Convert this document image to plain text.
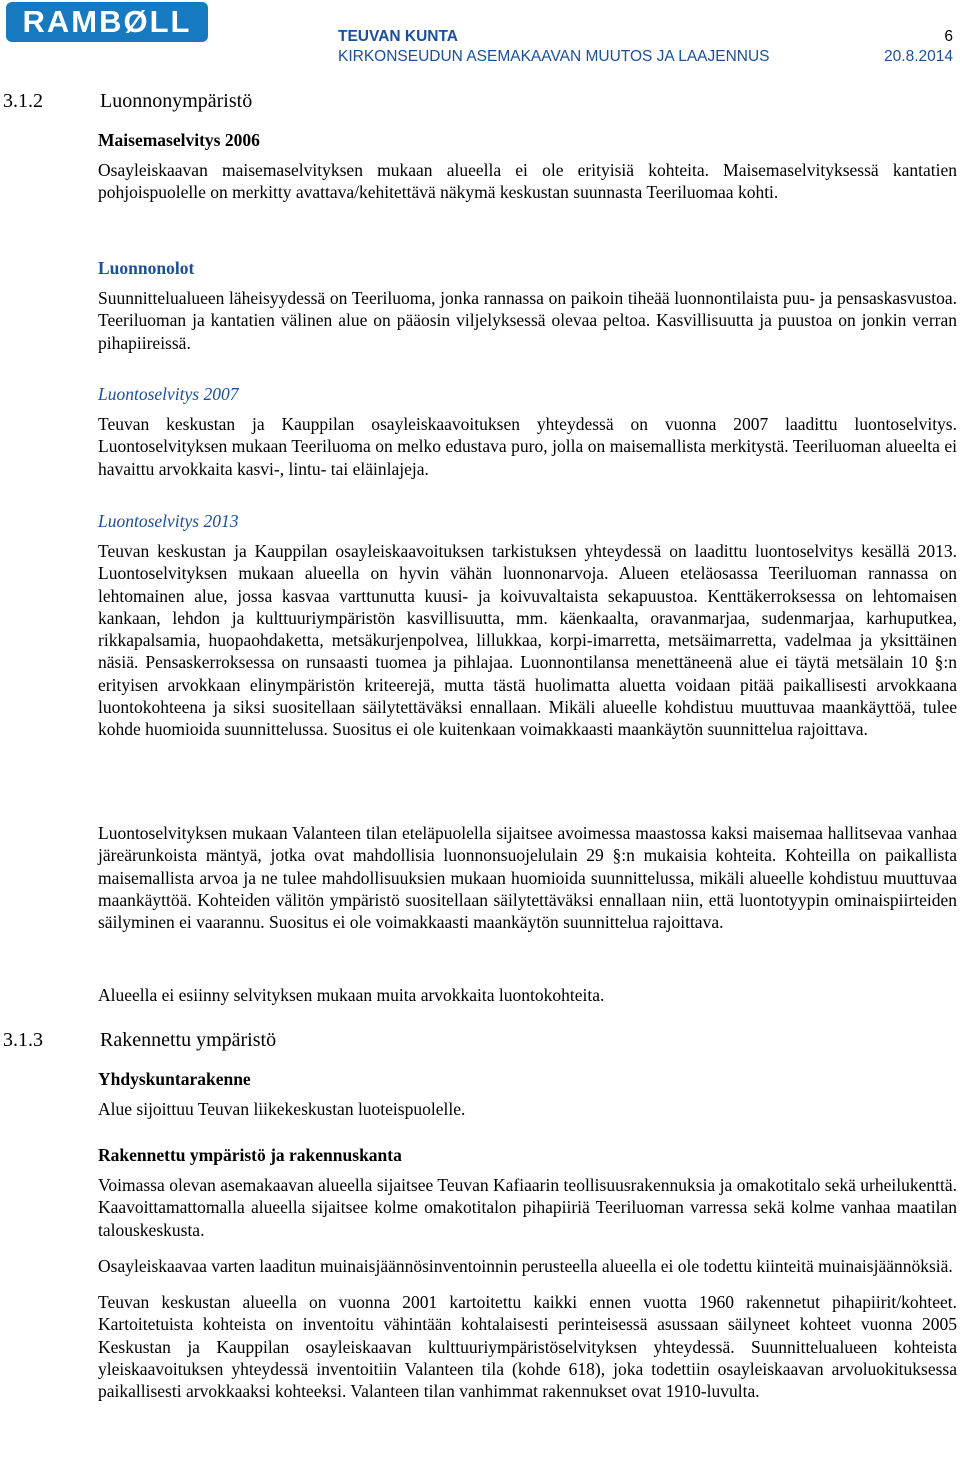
RAMBØLL	TEUVAN KUNTA
KIRKONSEUDUN ASEMAKAAVAN MUUTOS JA LAAJENNUS
6
20.8.2014
3.1.2	Luonnonympäristö

Maisemaselvitys 2006

Osayleiskaavan maisemaselvityksen mukaan alueella ei ole erityisiä kohteita. Maisemaselvityksessä kantatien pohjoispuolelle on merkitty avattava/kehitettävä näkymä keskustan suunnasta Teeriluomaa kohti.

Luonnonolot

Suunnittelualueen läheisyydessä on Teeriluoma, jonka rannassa on paikoin tiheää luonnontilaista puu- ja pensaskasvustoa. Teeriluoman ja kantatien välinen alue on pääosin viljelyksessä olevaa peltoa. Kasvillisuutta ja puustoa on jonkin verran pihapiireissä.

Luontoselvitys 2007

Teuvan keskustan ja Kauppilan osayleiskaavoituksen yhteydessä on vuonna 2007 laadittu luontoselvitys. Luontoselvityksen mukaan Teeriluoma on melko edustava puro, jolla on maisemallista merkitystä. Teeriluoman alueelta ei havaittu arvokkaita kasvi-, lintu- tai eläinlajeja.

Luontoselvitys 2013

Teuvan keskustan ja Kauppilan osayleiskaavoituksen tarkistuksen yhteydessä on laadittu luontoselvitys kesällä 2013. Luontoselvityksen mukaan alueella on hyvin vähän luonnonarvoja. Alueen eteläosassa Teeriluoman rannassa on lehtomainen alue, jossa kasvaa varttunutta kuusi- ja koivuvaltaista sekapuustoa. Kenttäkerroksessa on lehtomaisen kankaan, lehdon ja kulttuuriympäristön kasvillisuutta, mm. käenkaalta, oravanmarjaa, sudenmarjaa, karhuputkea, rikkapalsamia, huopaohdaketta, metsäkurjenpolvea, lillukkaa, korpi-imarretta, metsäimarretta, vadelmaa ja yksittäinen näsiä. Pensaskerroksessa on runsaasti tuomea ja pihlajaa. Luonnontilansa menettäneenä alue ei täytä metsälain 10 §:n erityisen arvokkaan elinympäristön kriteerejä, mutta tästä huolimatta aluetta voidaan pitää paikallisesti arvokkaana luontokohteena ja siksi suositellaan säilytettäväksi ennallaan. Mikäli alueelle kohdistuu muuttuvaa maankäyttöä, tulee kohde huomioida suunnittelussa. Suositus ei ole kuitenkaan voimakkaasti maankäytön suunnittelua rajoittava.

Luontoselvityksen mukaan Valanteen tilan eteläpuolella sijaitsee avoimessa maastossa kaksi maisemaa hallitsevaa vanhaa järeärunkoista mäntyä, jotka ovat mahdollisia luonnonsuojelulain 29 §:n mukaisia kohteita. Kohteilla on paikallista maisemallista arvoa ja ne tulee mahdollisuuksien mukaan huomioida suunnittelussa, mikäli alueelle kohdistuu muuttuvaa maankäyttöä. Kohteiden välitön ympäristö suositellaan säilytettäväksi ennallaan niin, että luontotyypin ominaispiirteiden säilyminen ei vaarannu. Suositus ei ole voimakkaasti maankäytön suunnittelua rajoittava.

Alueella ei esiinny selvityksen mukaan muita arvokkaita luontokohteita.

3.1.3	Rakennettu ympäristö

Yhdyskuntarakenne

Alue sijoittuu Teuvan liikekeskustan luoteispuolelle.

Rakennettu ympäristö ja rakennuskanta

Voimassa olevan asemakaavan alueella sijaitsee Teuvan Kafiaarin teollisuusrakennuksia ja omakotitalo sekä urheilukenttä. Kaavoittamattomalla alueella sijaitsee kolme omakotitalon pihapiiriä Teeriluoman varressa sekä kolme vanhaa maatilan talouskeskusta.

Osayleiskaavaa varten laaditun muinaisjäännösinventoinnin perusteella alueella ei ole todettu kiinteitä muinaisjäännöksiä.

Teuvan keskustan alueella on vuonna 2001 kartoitettu kaikki ennen vuotta 1960 rakennetut pihapiirit/kohteet. Kartoitetuista kohteista on inventoitu vähintään kohtalaisesti perinteisessä asussaan säilyneet kohteet vuonna 2005 Keskustan ja Kauppilan osayleiskaavan kulttuuriympäristöselvityksen yhteydessä. Suunnittelualueen kohteista yleiskaavoituksen yhteydessä inventoitiin Valanteen tila (kohde 618), joka todettiin osayleiskaavan arvoluokituksessa paikallisesti arvokkaaksi kohteeksi. Valanteen tilan vanhimmat rakennukset ovat 1910-luvulta.
